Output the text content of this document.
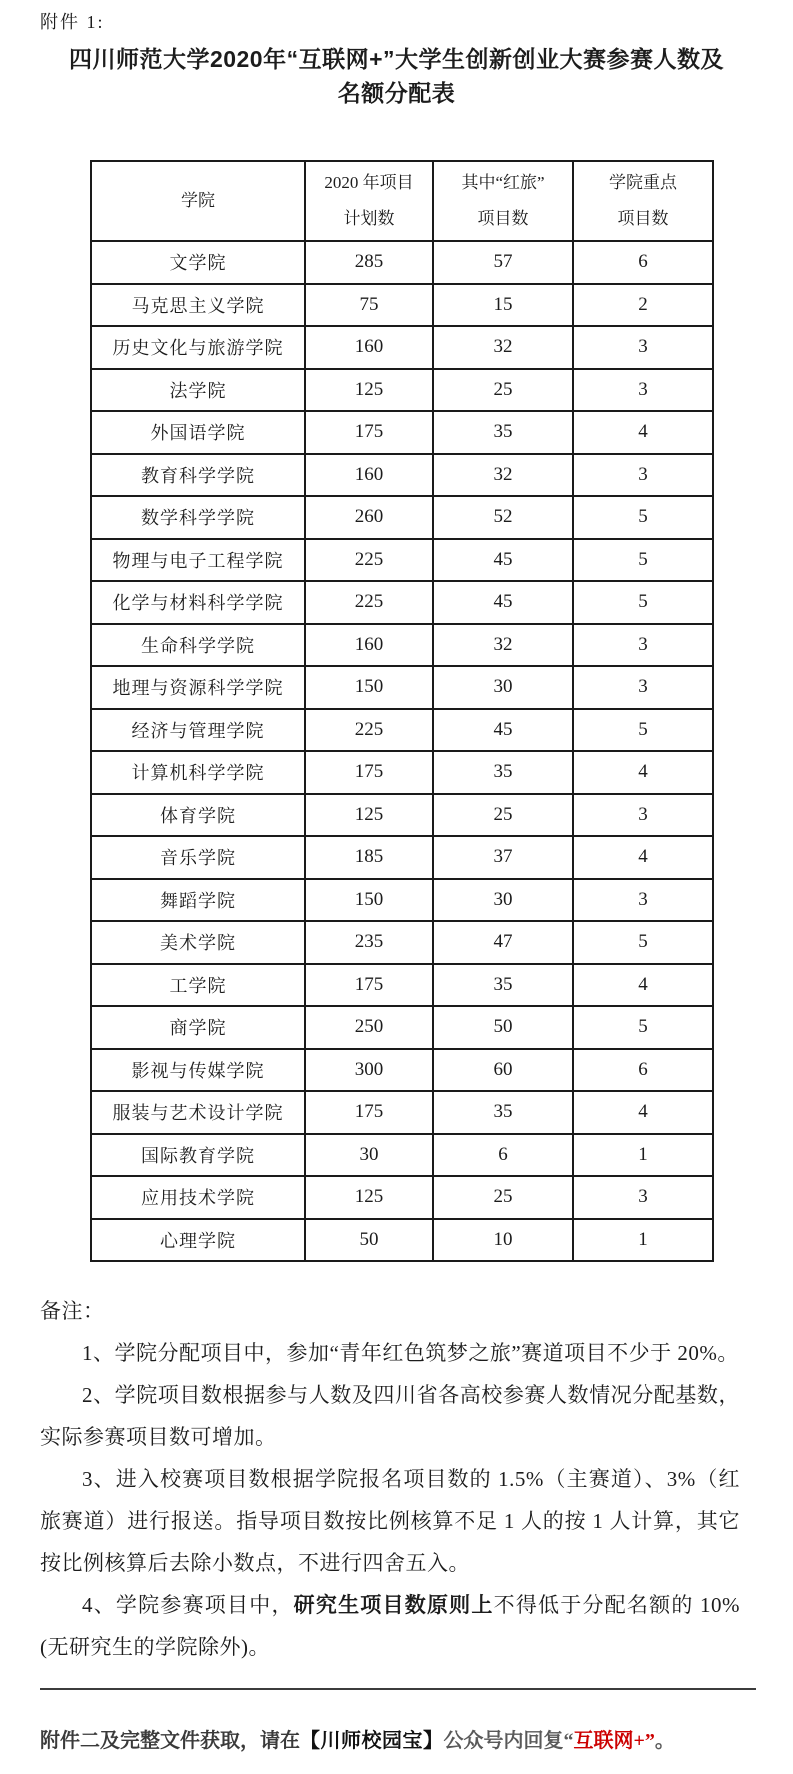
附件 1:
四川师范大学2020年“互联网+”大学生创新创业大赛参赛人数及
名额分配表
学院

2020 年项目
计划数

其中“红旅”
项目数

学院重点
项目数

文学院	285	57	6
马克思主义学院	75	15	2
历史文化与旅游学院	160	32	3
法学院	125	25	3
外国语学院	175	35	4
教育科学学院	160	32	3
数学科学学院	260	52	5
物理与电子工程学院	225	45	5
化学与材料科学学院	225	45	5
生命科学学院	160	32	3
地理与资源科学学院	150	30	3
经济与管理学院	225	45	5
计算机科学学院	175	35	4
体育学院	125	25	3
音乐学院	185	37	4
舞蹈学院	150	30	3
美术学院	235	47	5
工学院	175	35	4
商学院	250	50	5
影视与传媒学院	300	60	6
服装与艺术设计学院	175	35	4
国际教育学院	30	6	1
应用技术学院	125	25	3
心理学院	50	10	1

备注：

1、学院分配项目中，参加“青年红色筑梦之旅”赛道项目不少于 20%。

2、学院项目数根据参与人数及四川省各高校参赛人数情况分配基数，实际参赛项目数可增加。

3、进入校赛项目数根据学院报名项目数的 1.5%（主赛道）、3%（红旅赛道）进行报送。指导项目数按比例核算不足 1 人的按 1 人计算，其它按比例核算后去除小数点，不进行四舍五入。

4、学院参赛项目中，研究生项目数原则上不得低于分配名额的 10%(无研究生的学院除外)。

附件二及完整文件获取，请在【川师校园宝】公众号内回复“互联网+”。
